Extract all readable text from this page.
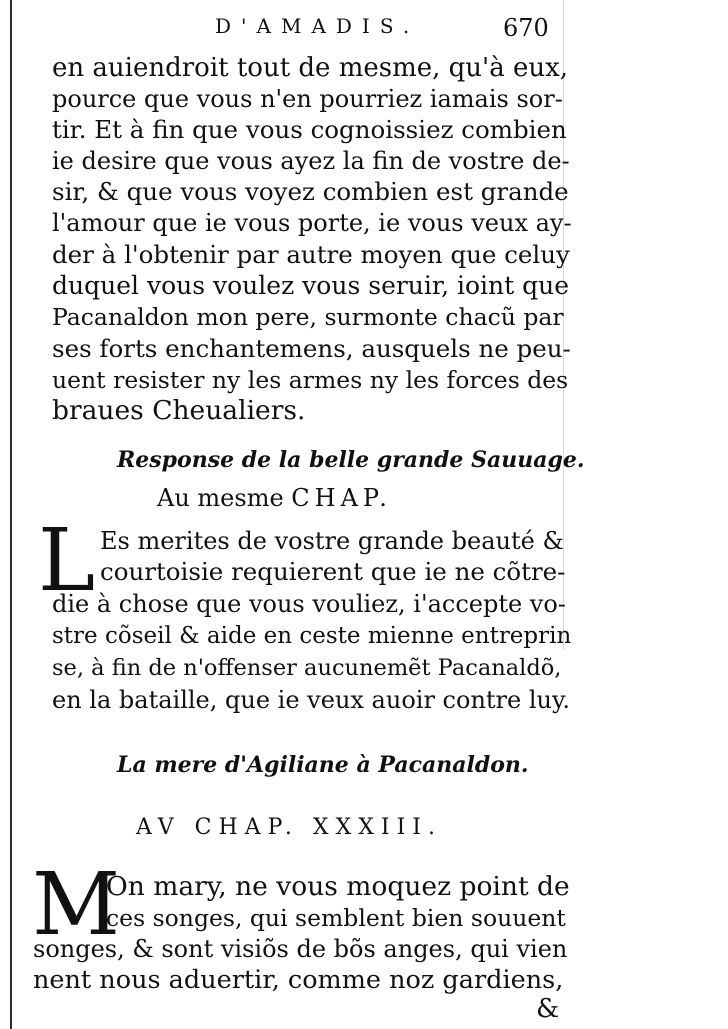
D'AMADIS.	670
en auiendroit tout de mesme, qu'à eux,
pource que vous n'en pourriez iamais sor-
tir. Et à fin que vous cognoissiez combien
ie desire que vous ayez la fin de vostre de-
sir, & que vous voyez combien est grande
l'amour que ie vous porte, ie vous veux ay-
der à l'obtenir par autre moyen que celuy
duquel vous voulez vous seruir, ioint que
Pacanaldon mon pere, surmonte chacũ par
ses forts enchantemens, ausquels ne peu-
uent resister ny les armes ny les forces des
braues Cheualiers.
Response de la belle grande Sauuage.
Au mesme CHAP.
L Es merites de vostre grande beauté &
courtoisie requierent que ie ne cõtre-
die à chose que vous vouliez, i'accepte vo-
stre cõseil & aide en ceste mienne entreprin
se, à fin de n'offenser aucunemẽt Pacanaldõ,
en la bataille, que ie veux auoir contre luy.
La mere d'Agiliane à Pacanaldon.
AV CHAP. XXXIII.
M
On mary, ne vous moquez point de
ces songes, qui semblent bien souuent
songes, & sont visiõs de bõs anges, qui vien
nent nous aduertir, comme noz gardiens,
&
